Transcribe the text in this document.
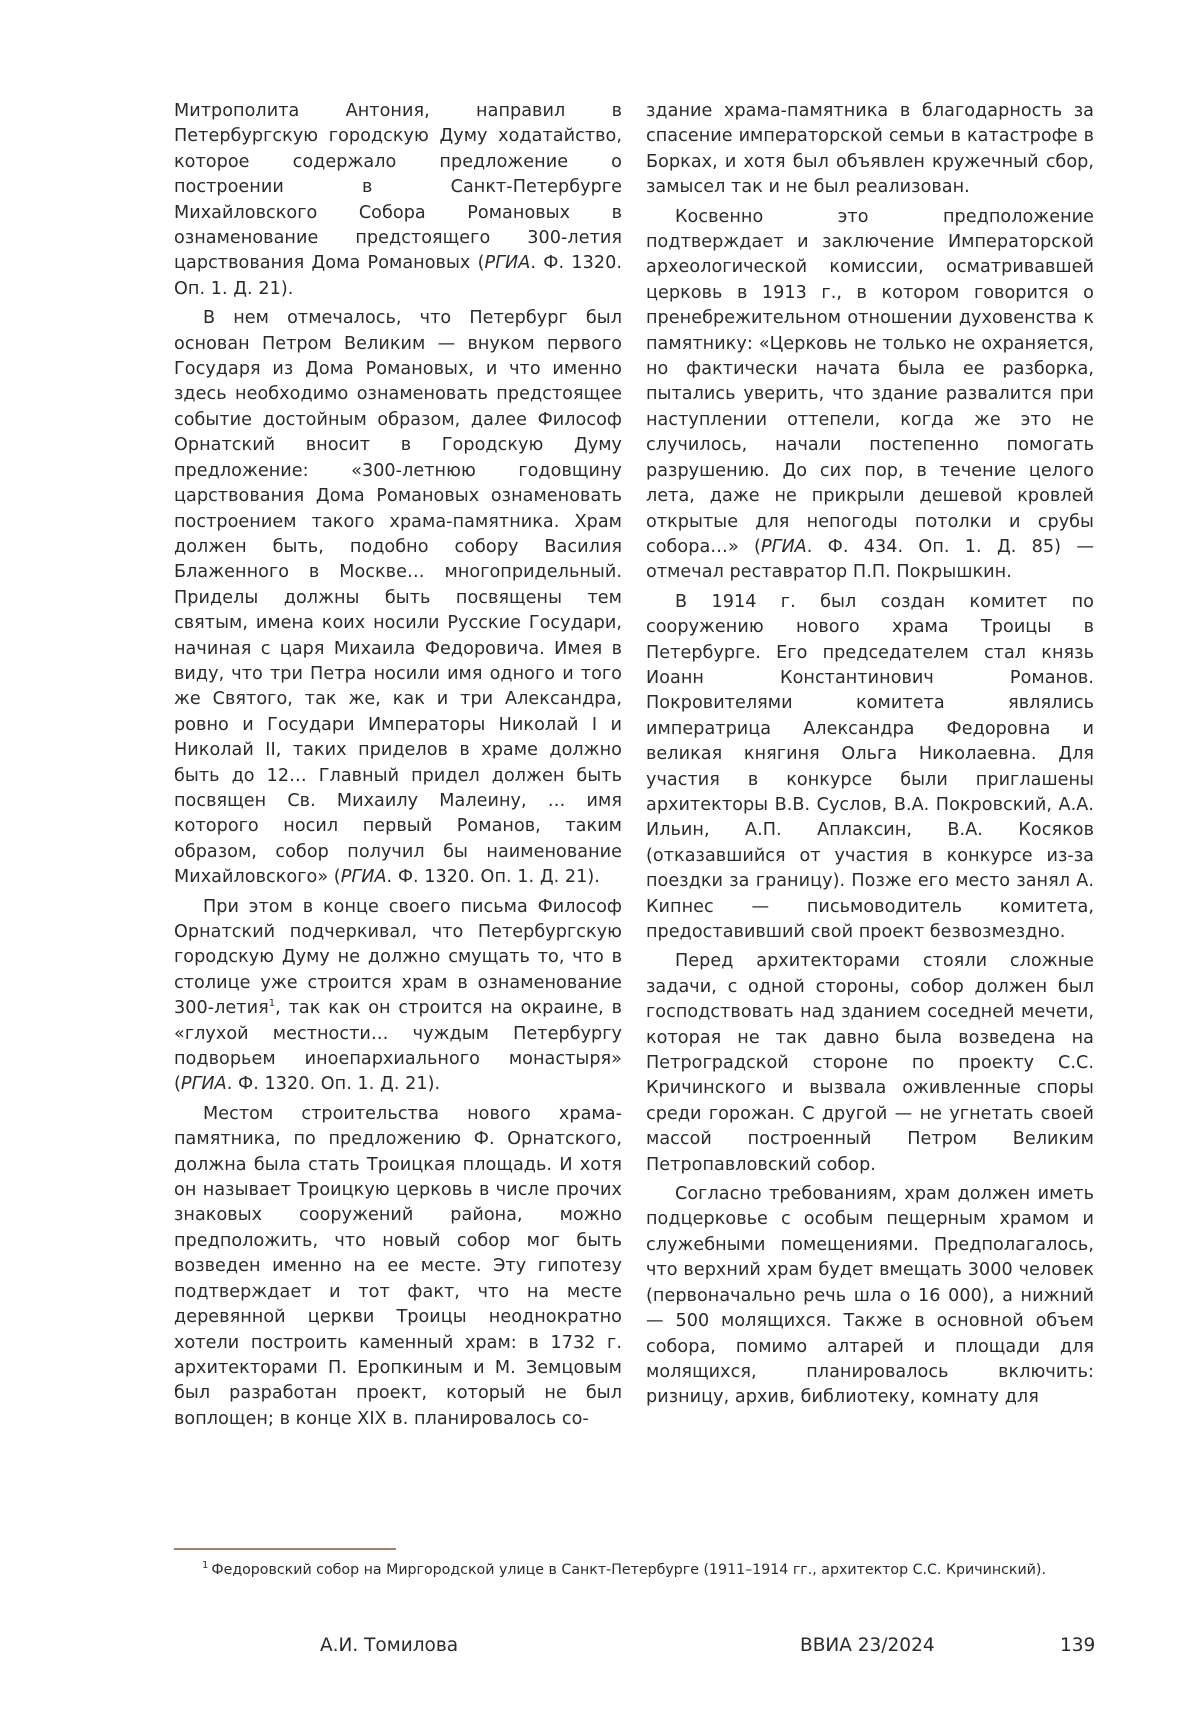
Митрополита Антония, направил в Петербургскую городскую Думу ходатайство, которое содержало предложение о построении в Санкт-Петербурге Михайловского Собора Романовых в ознаменование предстоящего 300-летия царствования Дома Романовых (РГИА. Ф. 1320. Оп. 1. Д. 21).

В нем отмечалось, что Петербург был основан Петром Великим — внуком первого Государя из Дома Романовых, и что именно здесь необходимо ознаменовать предстоящее событие достойным образом, далее Философ Орнатский вносит в Городскую Думу предложение: «300-летнюю годовщину царствования Дома Романовых ознаменовать построением такого храма-памятника. Храм должен быть, подобно собору Василия Блаженного в Москве… многопридельный. Приделы должны быть посвящены тем святым, имена коих носили Русские Государи, начиная с царя Михаила Федоровича. Имея в виду, что три Петра носили имя одного и того же Святого, так же, как и три Александра, ровно и Государи Императоры Николай I и Николай II, таких приделов в храме должно быть до 12… Главный придел должен быть посвящен Св. Михаилу Малеину, … имя которого носил первый Романов, таким образом, собор получил бы наименование Михайловского» (РГИА. Ф. 1320. Оп. 1. Д. 21).

При этом в конце своего письма Философ Орнатский подчеркивал, что Петербургскую городскую Думу не должно смущать то, что в столице уже строится храм в ознаменование 300-летия$^1$, так как он строится на окраине, в «глухой местности… чуждым Петербургу подворьем иноепархиального монастыря» (РГИА. Ф. 1320. Оп. 1. Д. 21).

Местом строительства нового храма-памятника, по предложению Ф. Орнатского, должна была стать Троицкая площадь. И хотя он называет Троицкую церковь в числе прочих знаковых сооружений района, можно предположить, что новый собор мог быть возведен именно на ее месте. Эту гипотезу подтверждает и тот факт, что на месте деревянной церкви Троицы неоднократно хотели построить каменный храм: в 1732 г. архитекторами П. Еропкиным и М. Земцовым был разработан проект, который не был воплощен; в конце XIX в. планировалось со-

здание храма-памятника в благодарность за спасение императорской семьи в катастрофе в Борках, и хотя был объявлен кружечный сбор, замысел так и не был реализован.

Косвенно это предположение подтверждает и заключение Императорской археологической комиссии, осматривавшей церковь в 1913 г., в котором говорится о пренебрежительном отношении духовенства к памятнику: «Церковь не только не охраняется, но фактически начата была ее разборка, пытались уверить, что здание развалится при наступлении оттепели, когда же это не случилось, начали постепенно помогать разрушению. До сих пор, в течение целого лета, даже не прикрыли дешевой кровлей открытые для непогоды потолки и срубы собора…» (РГИА. Ф. 434. Оп. 1. Д. 85) — отмечал реставратор П.П. Покрышкин.

В 1914 г. был создан комитет по сооружению нового храма Троицы в Петербурге. Его председателем стал князь Иоанн Константинович Романов. Покровителями комитета являлись императрица Александра Федоровна и великая княгиня Ольга Николаевна. Для участия в конкурсе были приглашены архитекторы В.В. Суслов, В.А. Покровский, А.А. Ильин, А.П. Аплаксин, В.А. Косяков (отказавшийся от участия в конкурсе из-за поездки за границу). Позже его место занял А. Кипнес — письмоводитель комитета, предоставивший свой проект безвозмездно.

Перед архитекторами стояли сложные задачи, с одной стороны, собор должен был господствовать над зданием соседней мечети, которая не так давно была возведена на Петроградской стороне по проекту С.С. Кричинского и вызвала оживленные споры среди горожан. С другой — не угнетать своей массой построенный Петром Великим Петропавловский собор.

Согласно требованиям, храм должен иметь подцерковье с особым пещерным храмом и служебными помещениями. Предполагалось, что верхний храм будет вмещать 3000 человек (первоначально речь шла о 16 000), а нижний — 500 молящихся. Также в основной объем собора, помимо алтарей и площади для молящихся, планировалось включить: ризницу, архив, библиотеку, комнату для

$^1$ Федоровский собор на Миргородской улице в Санкт-Петербурге (1911–1914 гг., архитектор С.С. Кричинский).

А.И. Томилова	ВВИА 23/2024	139
